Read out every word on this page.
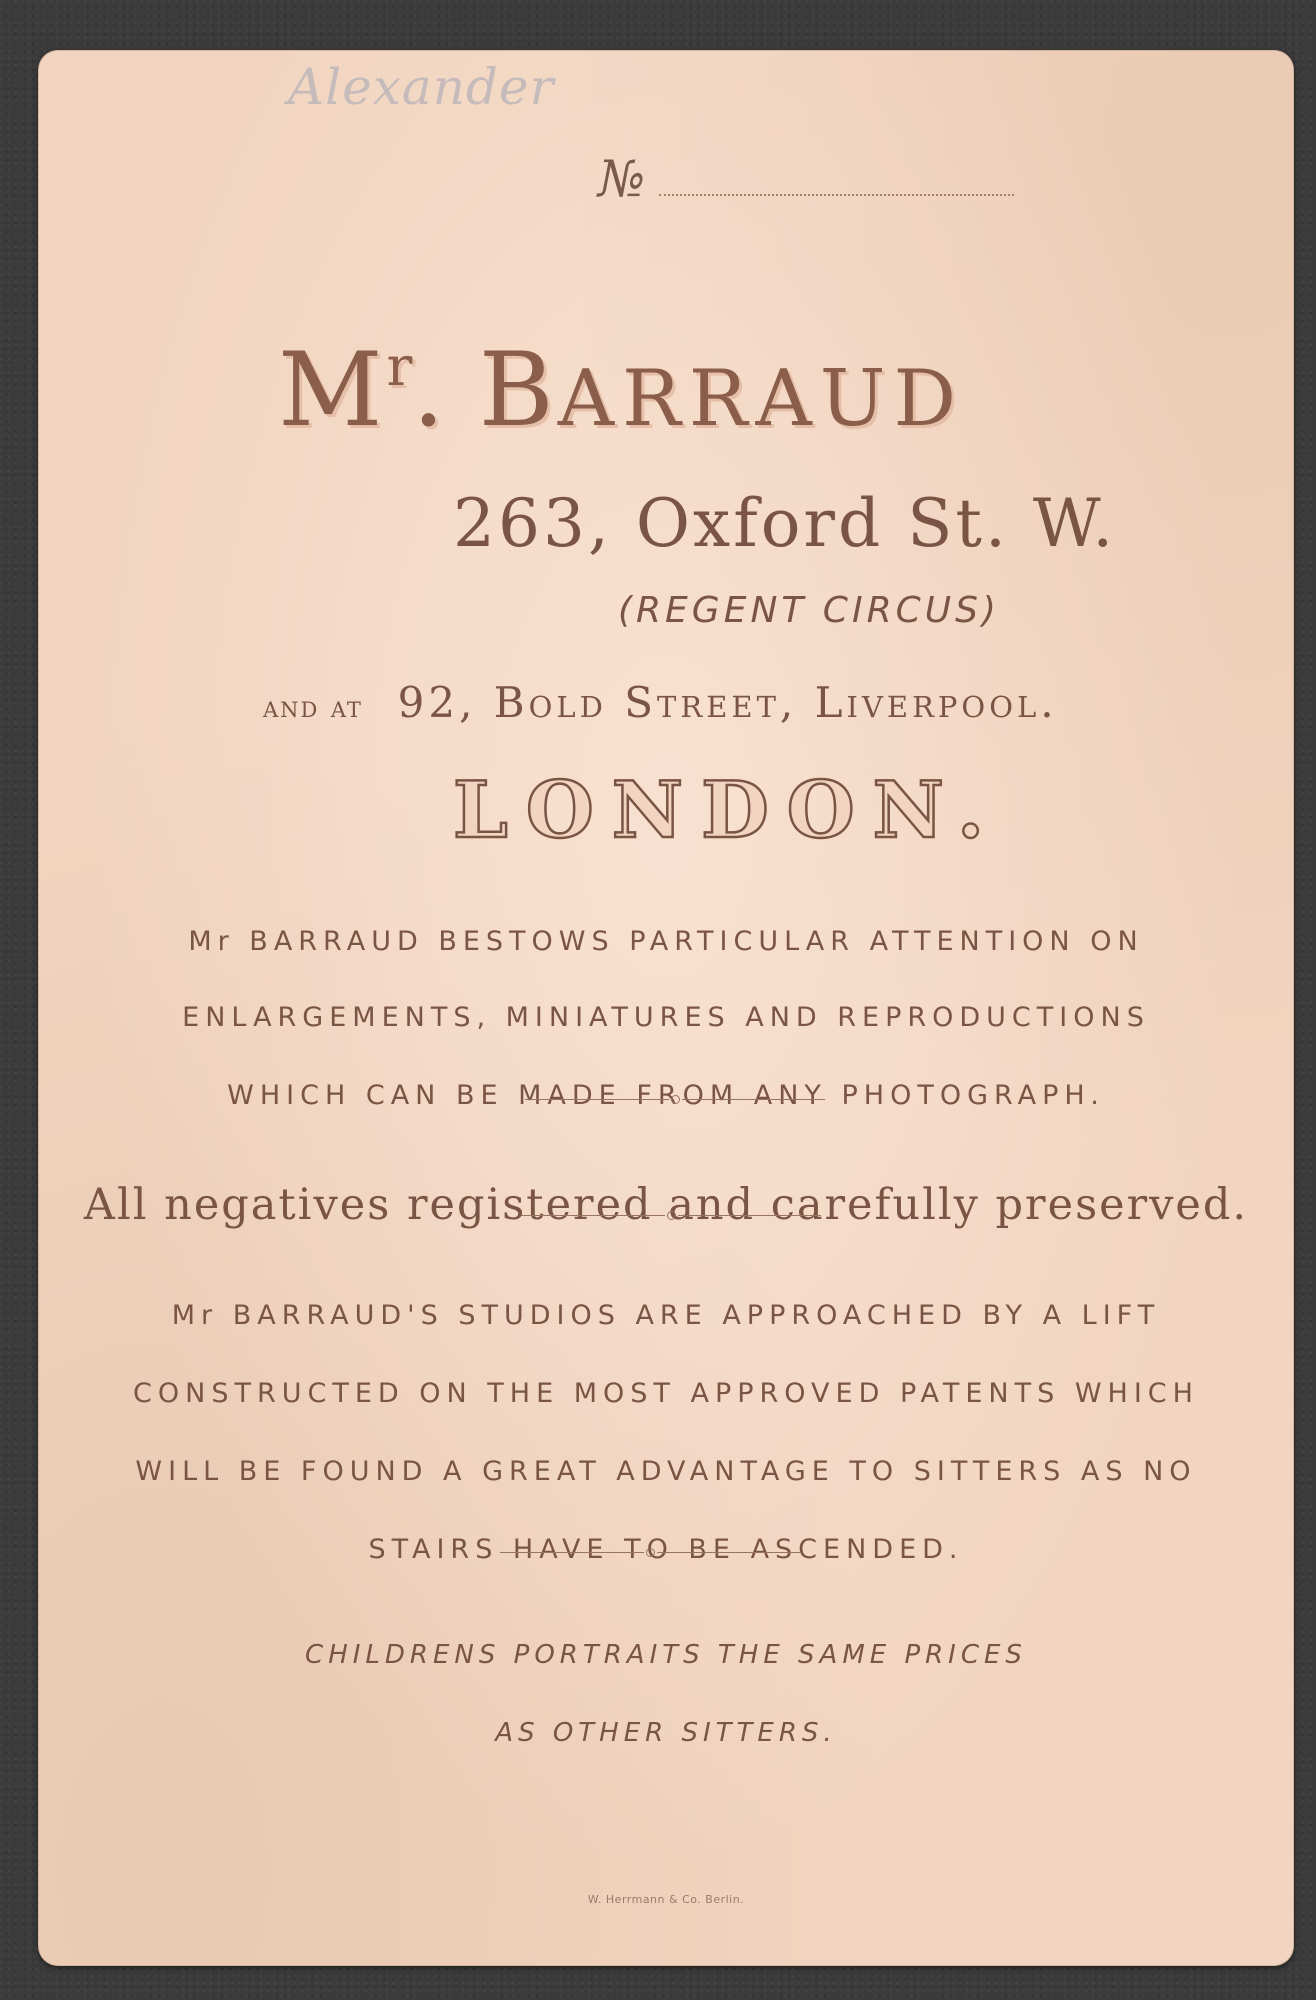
Alexander
№
$M^r$. BARRAUD
263, Oxford St. W.
(REGENT CIRCUS)
and at 92, Bold Street, Liverpool.
LONDON.
Mr BARRAUD BESTOWS PARTICULAR ATTENTION ON
ENLARGEMENTS, MINIATURES AND REPRODUCTIONS
WHICH CAN BE MADE FROM ANY PHOTOGRAPH.
All negatives registered and carefully preserved.
Mr BARRAUD'S STUDIOS ARE APPROACHED BY A LIFT
CONSTRUCTED ON THE MOST APPROVED PATENTS WHICH
WILL BE FOUND A GREAT ADVANTAGE TO SITTERS AS NO
STAIRS HAVE TO BE ASCENDED.
CHILDRENS PORTRAITS THE SAME PRICES
AS OTHER SITTERS.
W. Herrmann & Co. Berlin.
